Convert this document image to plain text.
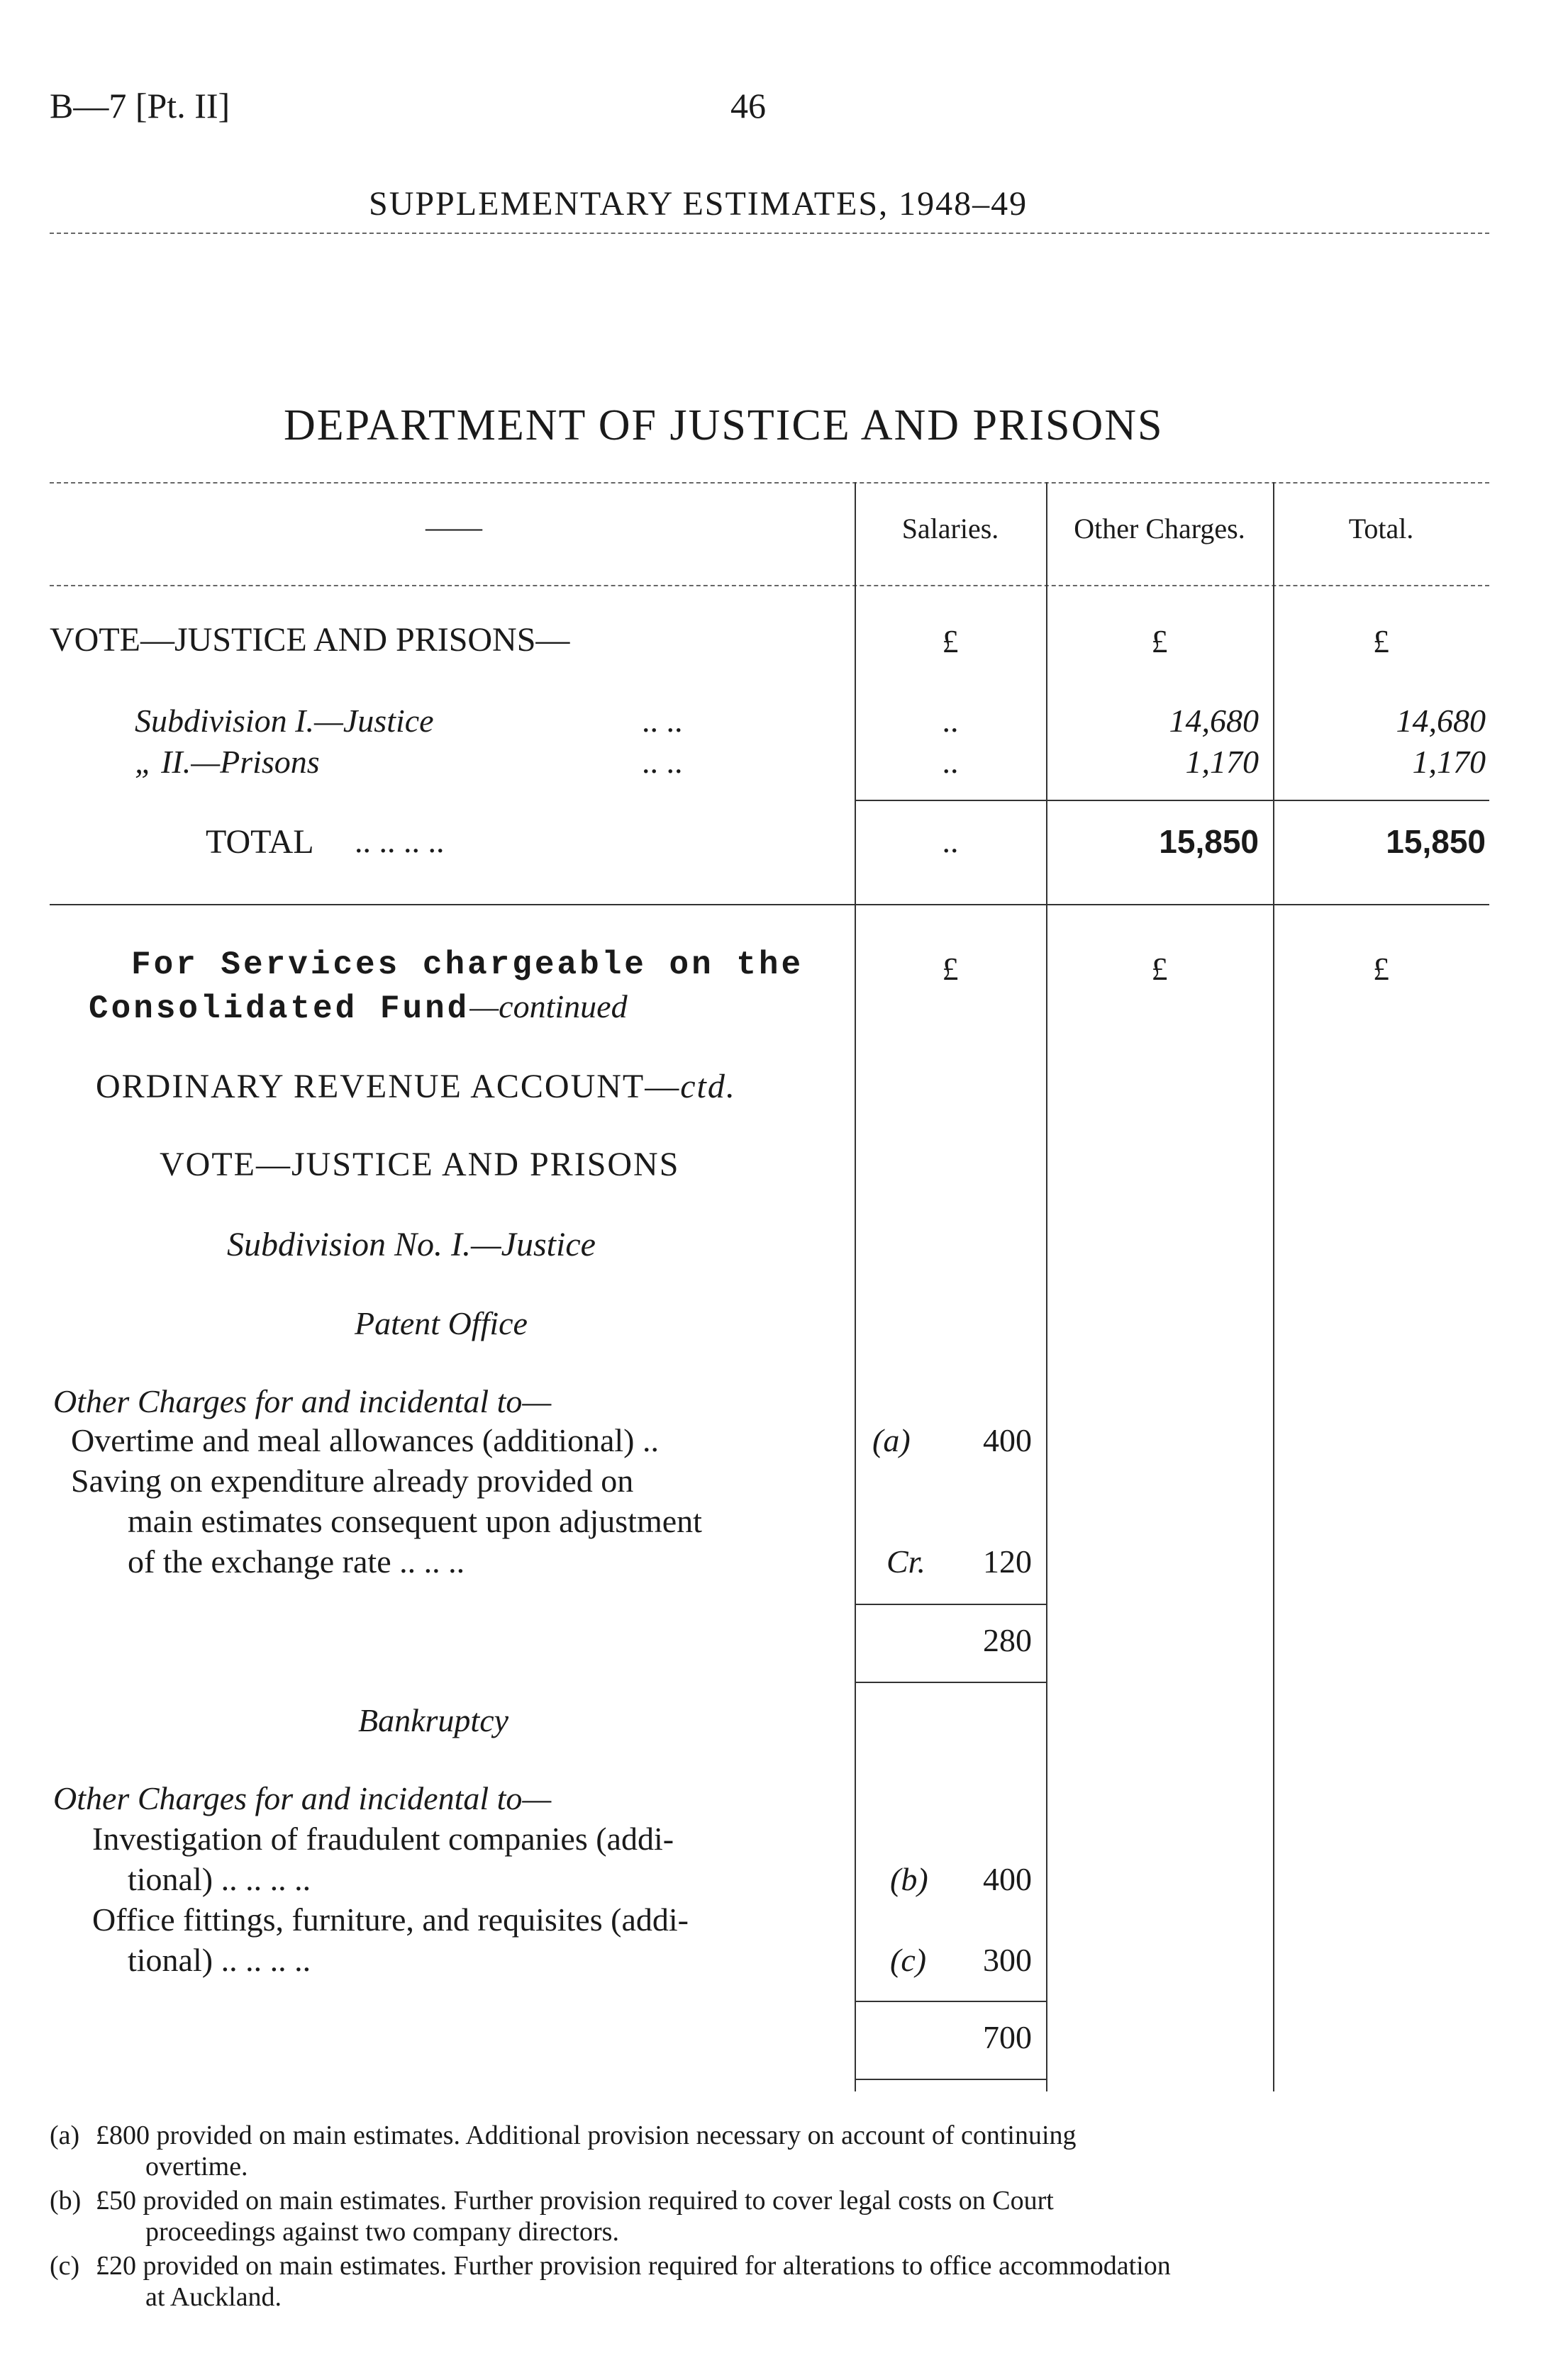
B—7 [Pt. II]	46
SUPPLEMENTARY ESTIMATES, 1948–49
DEPARTMENT OF JUSTICE AND PRISONS
——	Salaries.	Other Charges.	Total.
VOTE—JUSTICE AND PRISONS—	£	£	£
Subdivision I.—Justice	.. ..	..	14,680	14,680
„ II.—Prisons	.. ..	..	1,170	1,170
TOTAL .. .. .. ..	..	15,850	15,850
For Services chargeable on the
Consolidated Fund—continued
£	£	£
ORDINARY REVENUE ACCOUNT—ctd.
VOTE—JUSTICE AND PRISONS
Subdivision No. I.—Justice
Patent Office
Other Charges for and incidental to—
Overtime and meal allowances (additional) ..	(a) 400
Saving on expenditure already provided on
main estimates consequent upon adjustment
of the exchange rate .. .. ..	Cr. 120
280
Bankruptcy
Other Charges for and incidental to—
Investigation of fraudulent companies (addi-
tional) .. .. .. ..	(b) 400
Office fittings, furniture, and requisites (addi-
tional) .. .. .. ..	(c) 300
700
(a) £800 provided on main estimates. Additional provision necessary on account of continuing
overtime.
(b) £50 provided on main estimates. Further provision required to cover legal costs on Court
proceedings against two company directors.
(c) £20 provided on main estimates. Further provision required for alterations to office accommodation
at Auckland.
